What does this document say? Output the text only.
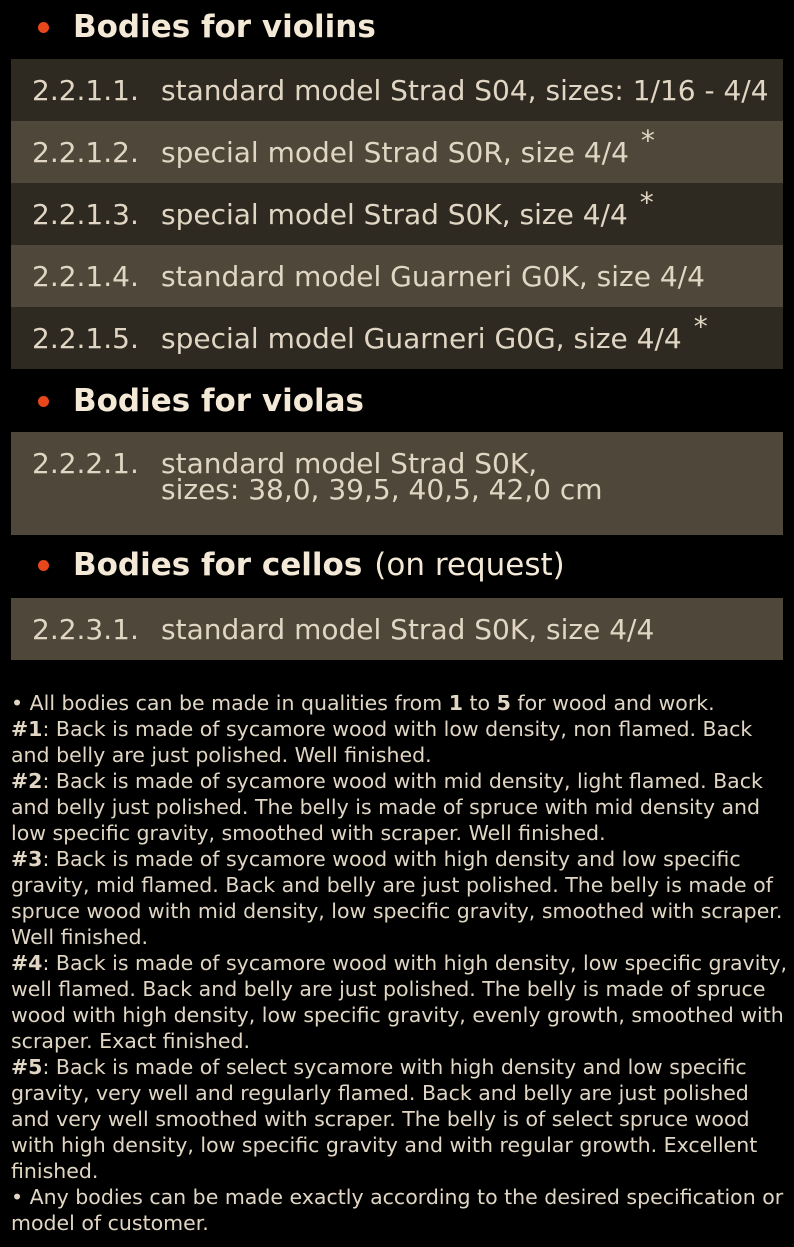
Bodies for violins
2.2.1.1. standard model Strad S04, sizes: 1/16 - 4/4
2.2.1.2. special model Strad S0R, size 4/4 *
2.2.1.3. special model Strad S0K, size 4/4 *
2.2.1.4. standard model Guarneri G0K, size 4/4
2.2.1.5. special model Guarneri G0G, size 4/4 *
Bodies for violas
2.2.2.1. standard model Strad S0K,
sizes: 38,0, 39,5, 40,5, 42,0 cm
Bodies for cellos (on request)
2.2.3.1. standard model Strad S0K, size 4/4

• All bodies can be made in qualities from 1 to 5 for wood and work.

#1: Back is made of sycamore wood with low density, non flamed. Back and belly are just polished. Well finished.

#2: Back is made of sycamore wood with mid density, light flamed. Back and belly just polished. The belly is made of spruce with mid density and low specific gravity, smoothed with scraper. Well finished.

#3: Back is made of sycamore wood with high density and low specific gravity, mid flamed. Back and belly are just polished. The belly is made of spruce wood with mid density, low specific gravity, smoothed with scraper. Well finished.

#4: Back is made of sycamore wood with high density, low specific gravity, well flamed. Back and belly are just polished. The belly is made of spruce wood with high density, low specific gravity, evenly growth, smoothed with scraper. Exact finished.

#5: Back is made of select sycamore with high density and low specific gravity, very well and regularly flamed. Back and belly are just polished and very well smoothed with scraper. The belly is of select spruce wood with high density, low specific gravity and with regular growth. Excellent finished.

• Any bodies can be made exactly according to the desired specification or model of customer.
